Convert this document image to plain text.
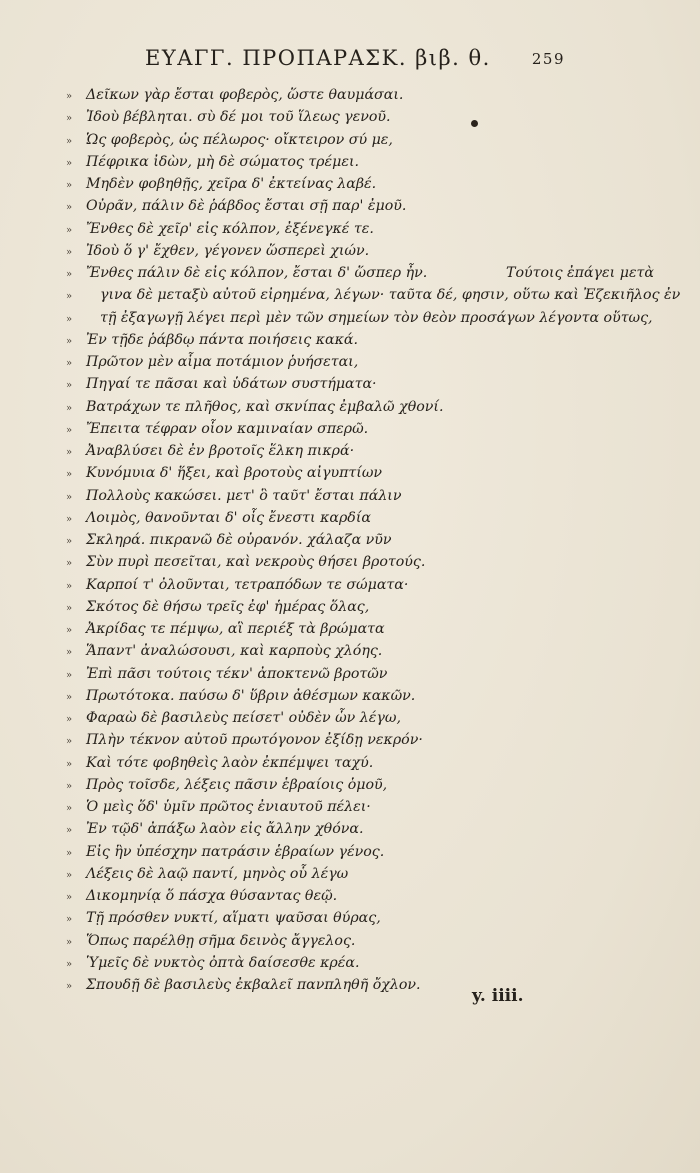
ΕΥΑΓΓ. ΠΡΟΠΑΡΑΣΚ. βιβ. θ.	259
» Δεῖκων γὰρ ἔσται φοβερὸς, ὥστε θαυμάσαι.
» Ἰδοὺ βέβληται. σὺ δέ μοι τοῦ ἵλεως γενοῦ.
» Ὡς φοβερὸς, ὡς πέλωρος· οἴκτειρον σύ με,
» Πέφρικα ἰδὼν, μὴ δὲ σώματος τρέμει.
» Μηδὲν φοβηθῇς, χεῖρα δ' ἐκτείνας λαβέ.
» Οὐρᾶν, πάλιν δὲ ῥάβδος ἔσται σῇ παρ' ἐμοῦ.
» Ἔνθες δὲ χεῖρ' εἰς κόλπον, ἐξένεγκέ τε.
» Ἰδοὺ ὅ γ' ἔχθεν, γέγονεν ὥσπερεὶ χιών.
» Ἔνθες πάλιν δὲ εἰς κόλπον, ἔσται δ' ὥσπερ ἦν.	Τούτοις ἐπάγει μετὰ
» γινα δὲ μεταξὺ αὐτοῦ εἰρημένα, λέγων· ταῦτα δέ, φησιν, οὕτω καὶ Ἐζεκιῆλος ἐν
» τῇ ἐξαγωγῇ λέγει περὶ μὲν τῶν σημείων τὸν θεὸν προσάγων λέγοντα οὕτως,
» Ἐν τῇδε ῥάβδῳ πάντα ποιήσεις κακά.
» Πρῶτον μὲν αἷμα ποτάμιον ῥυήσεται,
» Πηγαί τε πᾶσαι καὶ ὑδάτων συστήματα·
» Βατράχων τε πλῆθος, καὶ σκνίπας ἐμβαλῶ χθονί.
» Ἔπειτα τέφραν οἷον καμιναίαν σπερῶ.
» Ἀναβλύσει δὲ ἐν βροτοῖς ἕλκη πικρά·
» Κυνόμυια δ' ἥξει, καὶ βροτοὺς αἰγυπτίων
» Πολλοὺς κακώσει. μετ' ὃ ταῦτ' ἔσται πάλιν
» Λοιμὸς, θανοῦνται δ' οἷς ἔνεστι καρδία
» Σκληρά. πικρανῶ δὲ οὐρανόν. χάλαζα νῦν
» Σὺν πυρὶ πεσεῖται, καὶ νεκροὺς θήσει βροτούς.
» Καρποί τ' ὀλοῦνται, τετραπόδων τε σώματα·
» Σκότος δὲ θήσω τρεῖς ἐφ' ἡμέρας ὅλας,
» Ἀκρίδας τε πέμψω, αἳ περιέξ τὰ βρώματα
» Ἅπαντ' ἀναλώσουσι, καὶ καρποὺς χλόης.
» Ἐπὶ πᾶσι τούτοις τέκν' ἀποκτενῶ βροτῶν
» Πρωτότοκα. παύσω δ' ὕβριν ἀθέσμων κακῶν.
» Φαραὼ δὲ βασιλεὺς πείσετ' οὐδὲν ὧν λέγω,
» Πλὴν τέκνον αὐτοῦ πρωτόγονον ἐξίδῃ νεκρόν·
» Καὶ τότε φοβηθεὶς λαὸν ἐκπέμψει ταχύ.
» Πρὸς τοῖσδε, λέξεις πᾶσιν ἑβραίοις ὁμοῦ,
» Ὁ μεὶς ὅδ' ὑμῖν πρῶτος ἐνιαυτοῦ πέλει·
» Ἐν τῷδ' ἀπάξω λαὸν εἰς ἄλλην χθόνα.
» Εἰς ἣν ὑπέσχην πατράσιν ἑβραίων γένος.
» Λέξεις δὲ λαῷ παντί, μηνὸς οὗ λέγω
» Δικομηνίᾳ ὅ πάσχα θύσαντας θεῷ.
» Τῇ πρόσθεν νυκτί, αἵματι ψαῦσαι θύρας,
» Ὅπως παρέλθῃ σῆμα δεινὸς ἄγγελος.
» Ὑμεῖς δὲ νυκτὸς ὀπτὰ δαίσεσθε κρέα.
» Σπουδῇ δὲ βασιλεὺς ἐκβαλεῖ πανπληθῆ ὄχλον.
y. iiii.
